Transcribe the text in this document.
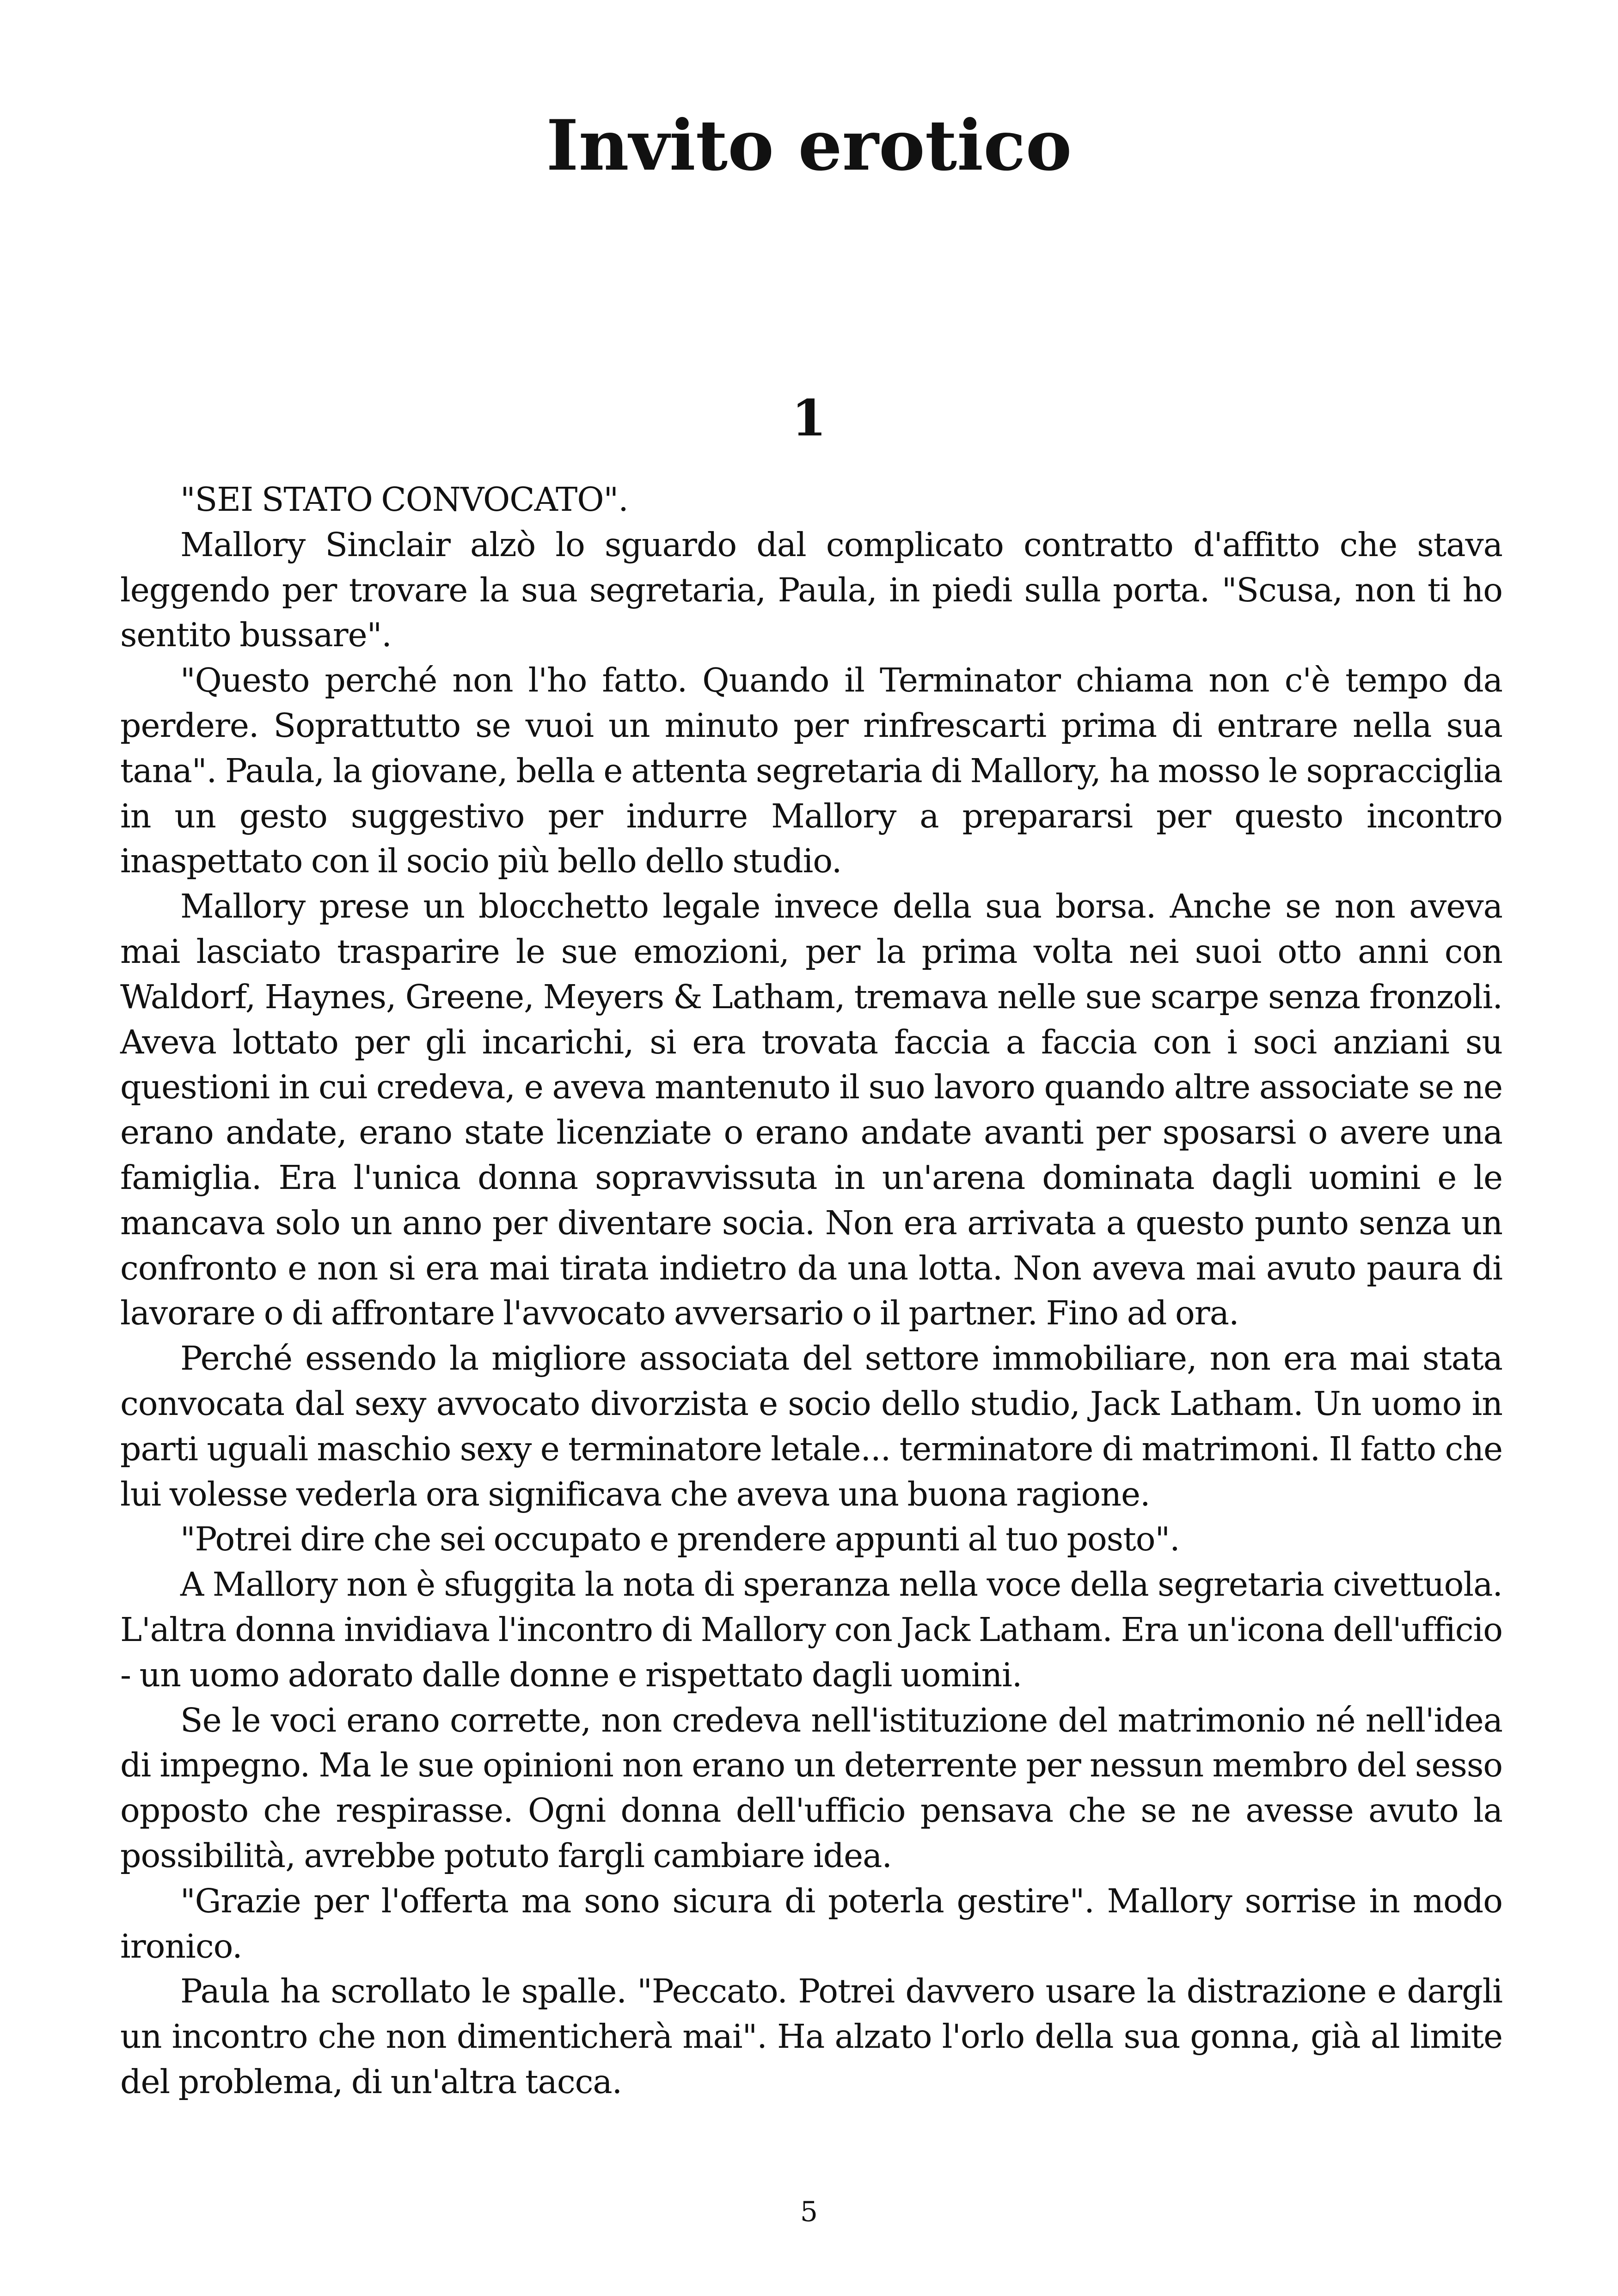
Invito erotico
1

"SEI STATO CONVOCATO".

Mallory Sinclair alzò lo sguardo dal complicato contratto d'affitto che stava leggendo per trovare la sua segretaria, Paula, in piedi sulla porta. "Scusa, non ti ho sentito bussare".

"Questo perché non l'ho fatto. Quando il Terminator chiama non c'è tempo da perdere. Soprattutto se vuoi un minuto per rinfrescarti prima di entrare nella sua tana". Paula, la giovane, bella e attenta segretaria di Mallory, ha mosso le sopracciglia in un gesto suggestivo per indurre Mallory a prepararsi per questo incontro inaspettato con il socio più bello dello studio.

Mallory prese un blocchetto legale invece della sua borsa. Anche se non aveva mai lasciato trasparire le sue emozioni, per la prima volta nei suoi otto anni con Waldorf, Haynes, Greene, Meyers & Latham, tremava nelle sue scarpe senza fronzoli. Aveva lottato per gli incarichi, si era trovata faccia a faccia con i soci anziani su questioni in cui credeva, e aveva mantenuto il suo lavoro quando altre associate se ne erano andate, erano state licenziate o erano andate avanti per sposarsi o avere una famiglia. Era l'unica donna sopravvissuta in un'arena dominata dagli uomini e le mancava solo un anno per diventare socia. Non era arrivata a questo punto senza un confronto e non si era mai tirata indietro da una lotta. Non aveva mai avuto paura di lavorare o di affrontare l'avvocato avversario o il partner. Fino ad ora.

Perché essendo la migliore associata del settore immobiliare, non era mai stata convocata dal sexy avvocato divorzista e socio dello studio, Jack Latham. Un uomo in parti uguali maschio sexy e terminatore letale... terminatore di matrimoni. Il fatto che lui volesse vederla ora significava che aveva una buona ragione.

"Potrei dire che sei occupato e prendere appunti al tuo posto".

A Mallory non è sfuggita la nota di speranza nella voce della segretaria civettuola. L'altra donna invidiava l'incontro di Mallory con Jack Latham. Era un'icona dell'ufficio - un uomo adorato dalle donne e rispettato dagli uomini.

Se le voci erano corrette, non credeva nell'istituzione del matrimonio né nell'idea di impegno. Ma le sue opinioni non erano un deterrente per nessun membro del sesso opposto che respirasse. Ogni donna dell'ufficio pensava che se ne avesse avuto la possibilità, avrebbe potuto fargli cambiare idea.

"Grazie per l'offerta ma sono sicura di poterla gestire". Mallory sorrise in modo ironico.

Paula ha scrollato le spalle. "Peccato. Potrei davvero usare la distrazione e dargli un incontro che non dimenticherà mai". Ha alzato l'orlo della sua gonna, già al limite del problema, di un'altra tacca.

5
